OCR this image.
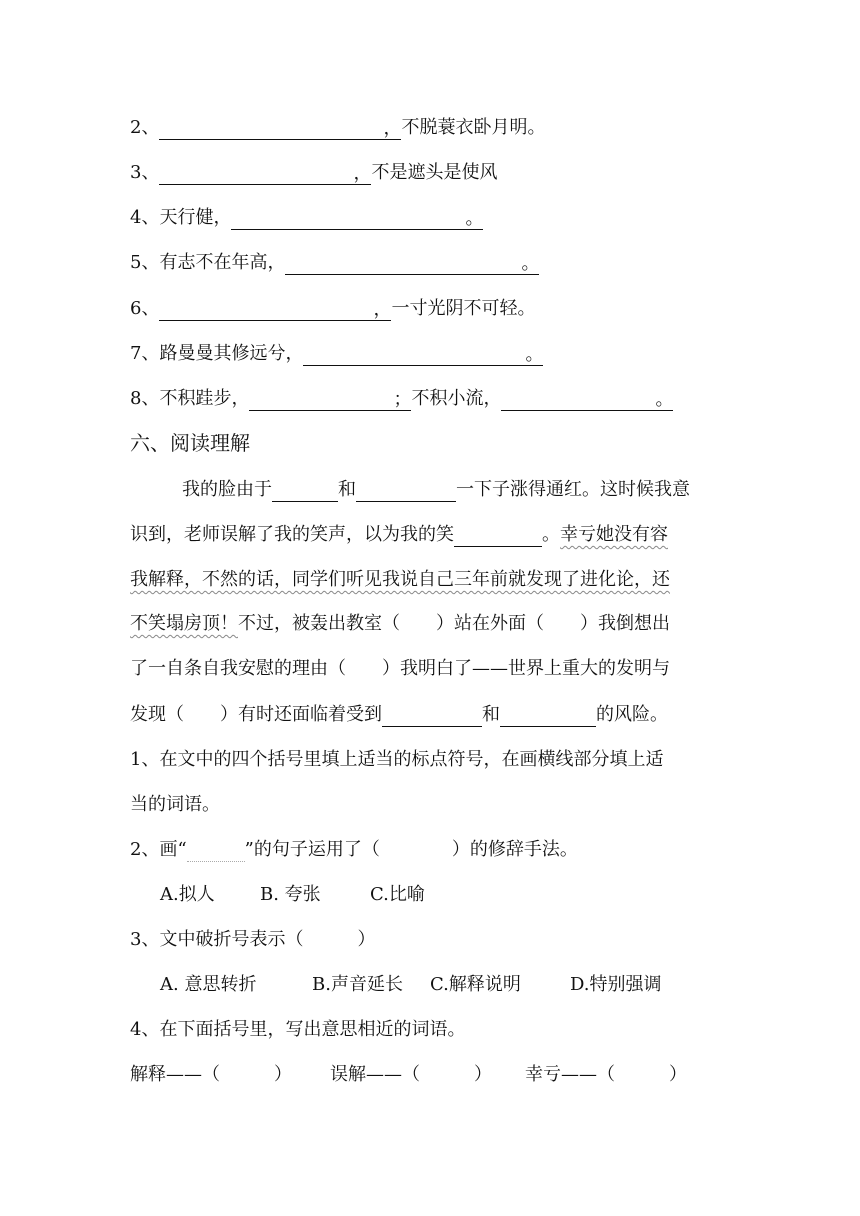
2、	，不脱蓑衣卧月明。
3、	，不是遮头是使风
4、天行健，	。
5、有志不在年高，	。
6、	，一寸光阴不可轻。
7、路曼曼其修远兮，	。
8、不积跬步，	；不积小流，	。
六、阅读理解
我的脸由于	和	一下子涨得通红。这时候我意
识到，老师误解了我的笑声，以为我的笑	。幸亏她没有容
我解释，不然的话，同学们听见我说自己三年前就发现了进化论，还
不笑塌房顶！不过，被轰出教室（　　）站在外面（　　）我倒想出
了一自条自我安慰的理由（　　）我明白了——世界上重大的发明与
发现（　　）有时还面临着受到	和	的风险。
1、在文中的四个括号里填上适当的标点符号，在画横线部分填上适
当的词语。
2、画“	”的句子运用了（　　　　）的修辞手法。
A.拟人	B. 夸张	C.比喻
3、文中破折号表示（　　　）
A. 意思转折	B.声音延长 C.解释说明	D.特别强调
4、在下面括号里，写出意思相近的词语。
解释——（　　　） 误解——（　　　） 幸亏——（　　　）
